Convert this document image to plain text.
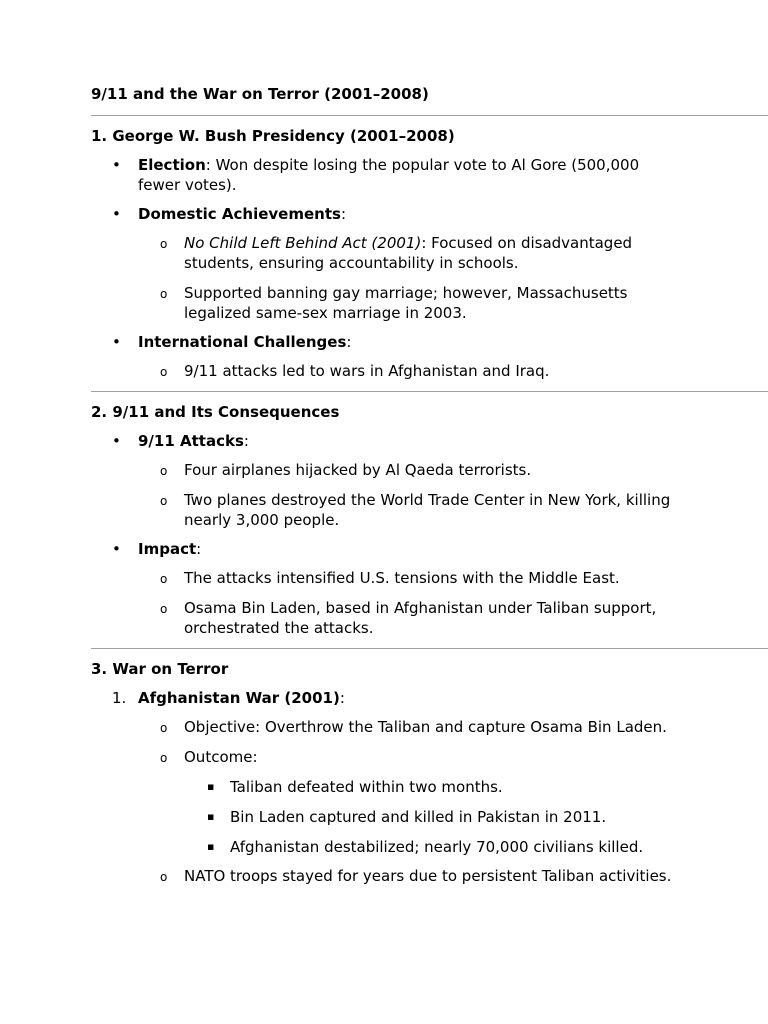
9/11 and the War on Terror (2001–2008)

1. George W. Bush Presidency (2001–2008)
• Election: Won despite losing the popular vote to Al Gore (500,000 fewer votes).
• Domestic Achievements:
o No Child Left Behind Act (2001): Focused on disadvantaged students, ensuring accountability in schools.
o Supported banning gay marriage; however, Massachusetts legalized same-sex marriage in 2003.
• International Challenges:
o 9/11 attacks led to wars in Afghanistan and Iraq.
2. 9/11 and Its Consequences
• 9/11 Attacks:
o Four airplanes hijacked by Al Qaeda terrorists.
o Two planes destroyed the World Trade Center in New York, killing nearly 3,000 people.
• Impact:
o The attacks intensified U.S. tensions with the Middle East.
o Osama Bin Laden, based in Afghanistan under Taliban support, orchestrated the attacks.
3. War on Terror
1. Afghanistan War (2001):
o Objective: Overthrow the Taliban and capture Osama Bin Laden.
o Outcome:
▪ Taliban defeated within two months.
▪ Bin Laden captured and killed in Pakistan in 2011.
▪ Afghanistan destabilized; nearly 70,000 civilians killed.
o NATO troops stayed for years due to persistent Taliban activities.
